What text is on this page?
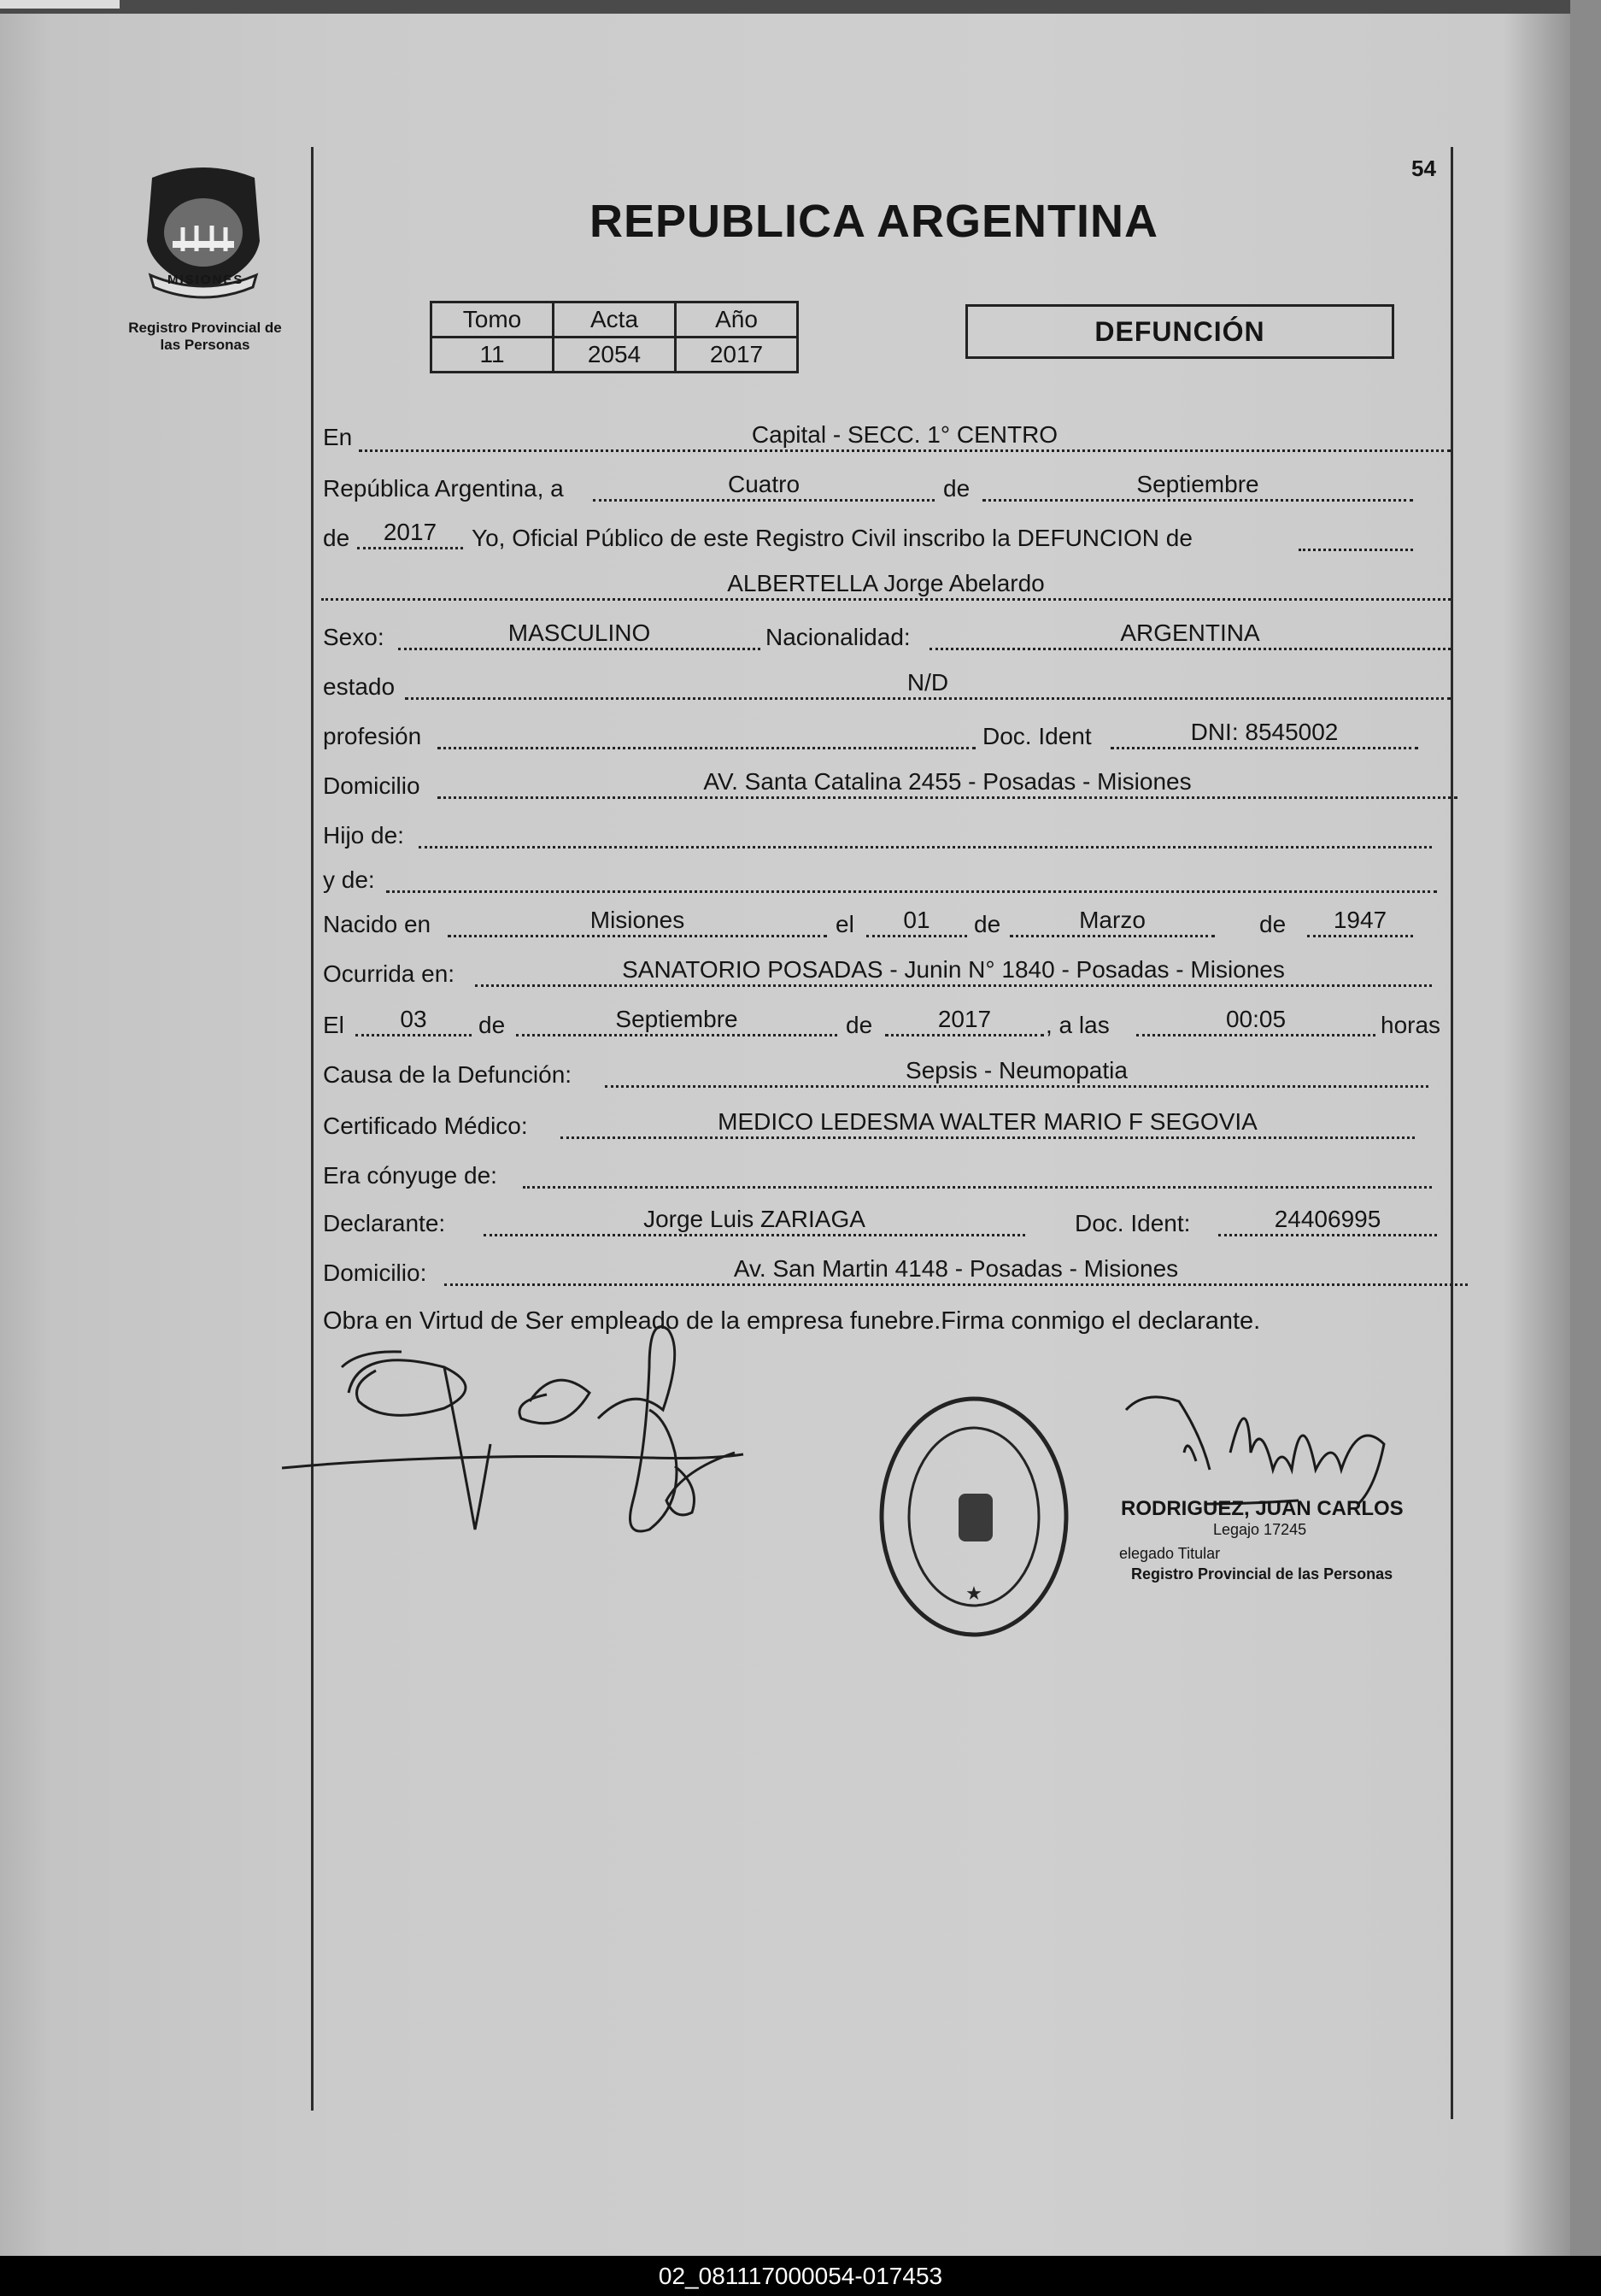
MISIONES
Registro Provincial de
las Personas
54
REPUBLICA ARGENTINA
Tomo	Acta	Año
11	2054	2017
DEFUNCIÓN
En	Capital - SECC. 1° CENTRO
República Argentina, a	Cuatro	de	Septiembre
de	2017	Yo, Oficial Público de este Registro Civil inscribo la DEFUNCION de
ALBERTELLA Jorge Abelardo
Sexo:	MASCULINO	Nacionalidad:	ARGENTINA
estado	N/D
profesión	Doc. Ident	DNI: 8545002
Domicilio	AV. Santa Catalina 2455 - Posadas - Misiones
Hijo de:
y de:
Nacido en	Misiones	el	01	de	Marzo	de	1947
Ocurrida en:	SANATORIO POSADAS - Junin N° 1840 - Posadas - Misiones
El	03	de	Septiembre	de	2017	, a las	00:05	horas
Causa de la Defunción:	Sepsis - Neumopatia
Certificado Médico:	MEDICO LEDESMA WALTER MARIO F SEGOVIA
Era cónyuge de:
Declarante:	Jorge Luis ZARIAGA	Doc. Ident:	24406995
Domicilio:	Av. San Martin 4148 - Posadas - Misiones
Obra en Virtud de Ser empleado de la empresa funebre.Firma conmigo el declarante.
★
RODRIGUEZ, JUAN CARLOS
Legajo 17245
elegado Titular
Registro Provincial de las Personas
02_081117000054-017453
